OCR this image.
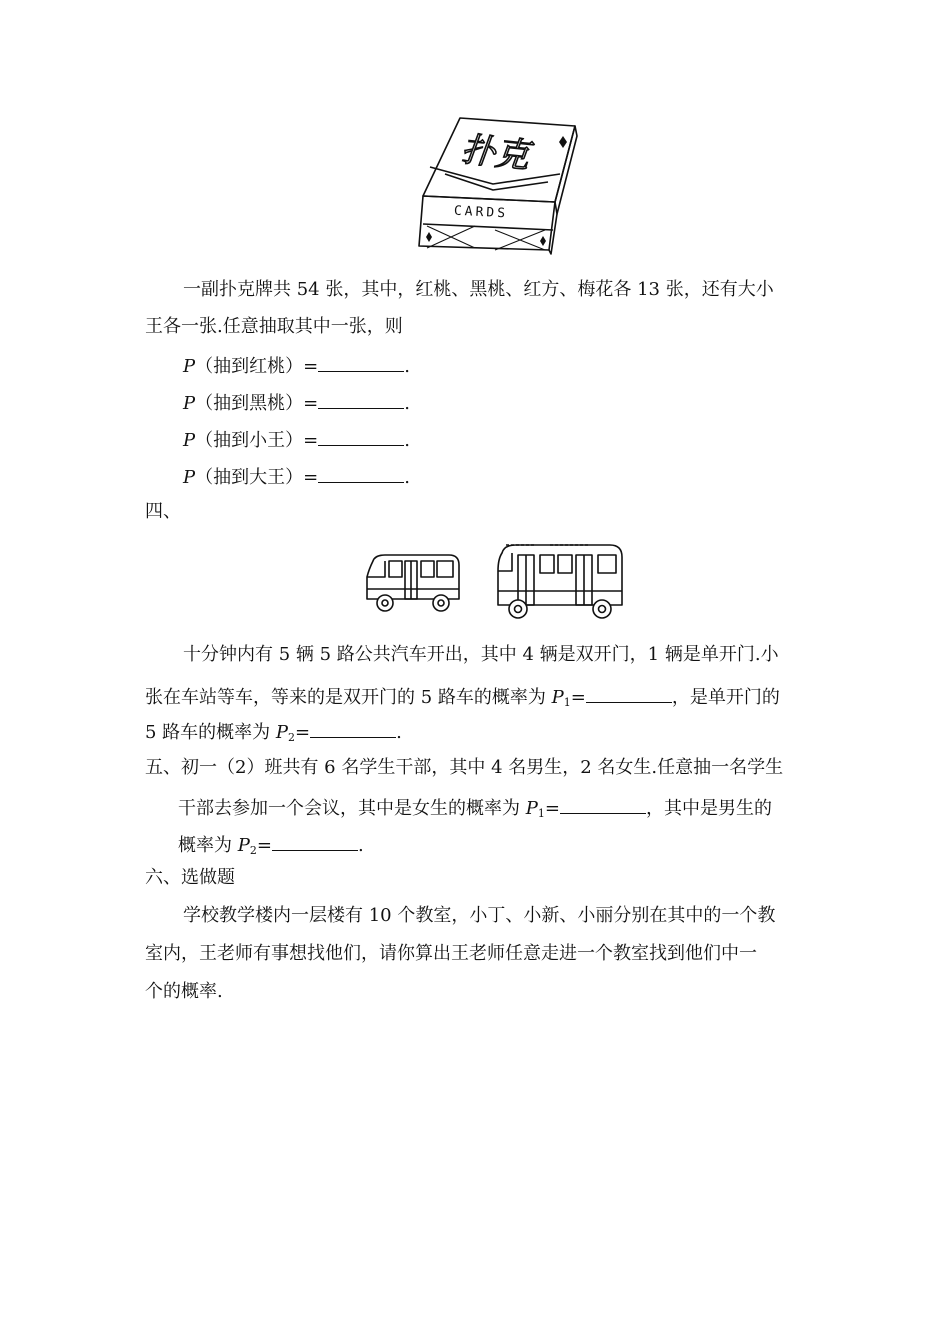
扑克
CARDS
一副扑克牌共 54 张，其中，红桃、黑桃、红方、梅花各 13 张，还有大小
王各一张.任意抽取其中一张，则
P（抽到红桃）=	.
P（抽到黑桃）=	.
P（抽到小王）=	.
P（抽到大王）=	.
四、
十分钟内有 5 辆 5 路公共汽车开出，其中 4 辆是双开门，1 辆是单开门.小
张在车站等车，等来的是双开门的 5 路车的概率为 $P_1=$	，是单开门的
5 路车的概率为 $P_2=$	.
五、初一（2）班共有 6 名学生干部，其中 4 名男生，2 名女生.任意抽一名学生
干部去参加一个会议，其中是女生的概率为 $P_1=$	，其中是男生的
概率为 $P_2=$	.
六、选做题
学校教学楼内一层楼有 10 个教室，小丁、小新、小丽分别在其中的一个教
室内，王老师有事想找他们，请你算出王老师任意走进一个教室找到他们中一
个的概率.
